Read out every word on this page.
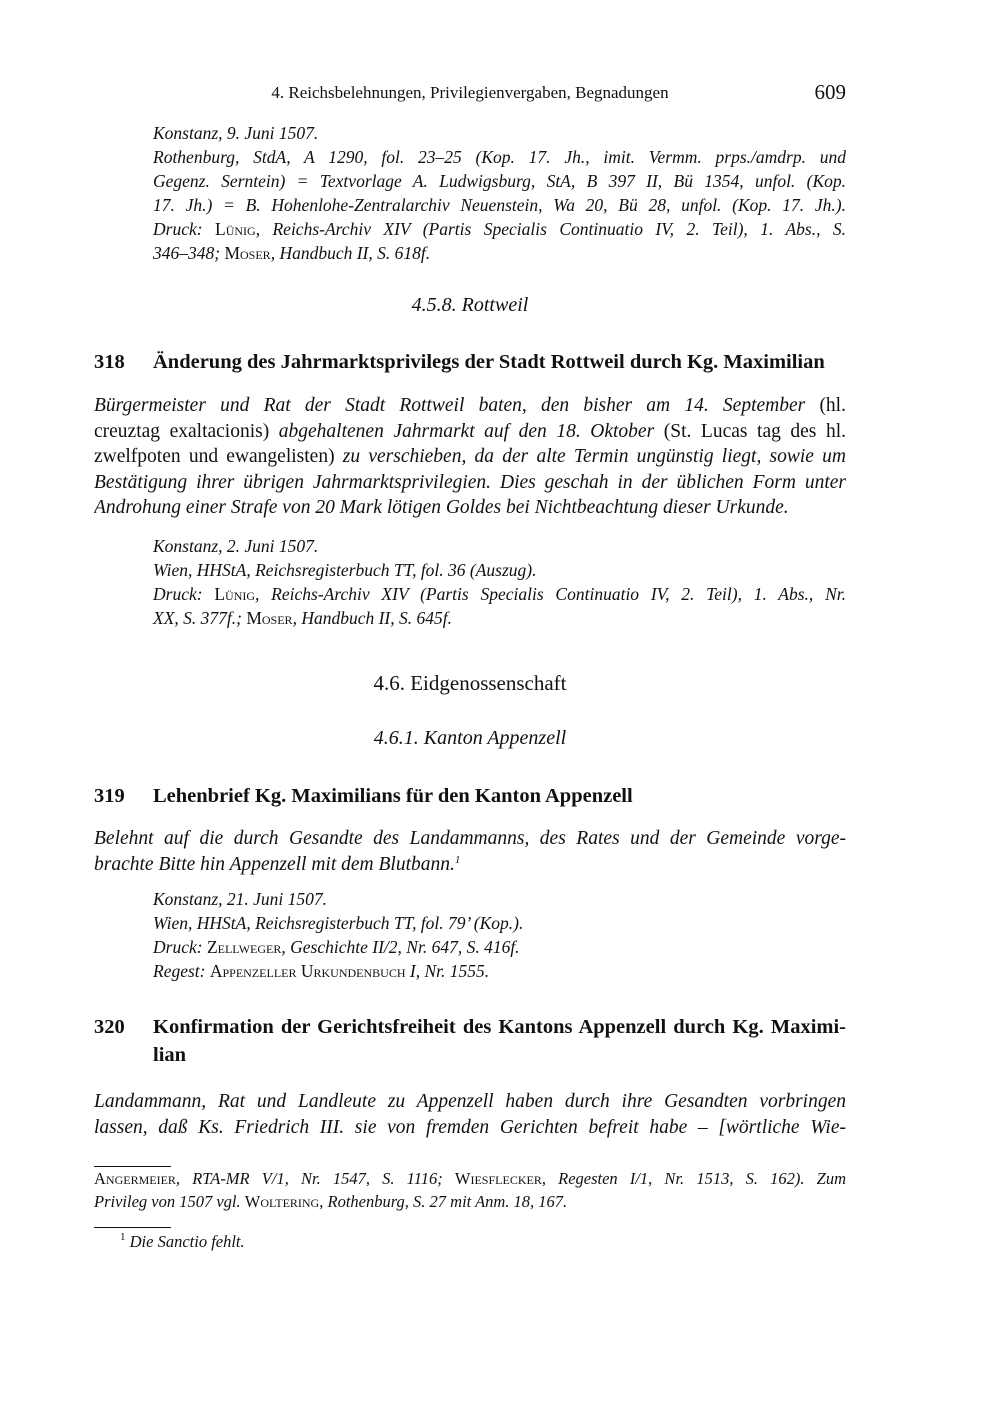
4. Reichsbelehnungen, Privilegienvergaben, Begnadungen	609
Konstanz, 9. Juni 1507.
Rothenburg, StdA, A 1290, fol. 23–25 (Kop. 17. Jh., imit. Vermm. prps./amdrp. und
Gegenz. Serntein) = Textvorlage A. Ludwigsburg, StA, B 397 II, Bü 1354, unfol. (Kop.
17. Jh.) = B. Hohenlohe-Zentralarchiv Neuenstein, Wa 20, Bü 28, unfol. (Kop. 17. Jh.).
Druck: Lünig, Reichs-Archiv XIV (Partis Specialis Continuatio IV, 2. Teil), 1. Abs., S.
346–348; Moser, Handbuch II, S. 618f.
4.5.8. Rottweil
318 Änderung des Jahrmarktsprivilegs der Stadt Rottweil durch Kg. Maximilian
Bürgermeister und Rat der Stadt Rottweil baten, den bisher am 14. September (hl.
creuztag exaltacionis) abgehaltenen Jahrmarkt auf den 18. Oktober (St. Lucas tag des hl.
zwelfpoten und ewangelisten) zu verschieben, da der alte Termin ungünstig liegt, sowie um
Bestätigung ihrer übrigen Jahrmarktsprivilegien. Dies geschah in der üblichen Form unter
Androhung einer Strafe von 20 Mark lötigen Goldes bei Nichtbeachtung dieser Urkunde.
Konstanz, 2. Juni 1507.
Wien, HHStA, Reichsregisterbuch TT, fol. 36 (Auszug).
Druck: Lünig, Reichs-Archiv XIV (Partis Specialis Continuatio IV, 2. Teil), 1. Abs., Nr.
XX, S. 377f.; Moser, Handbuch II, S. 645f.
4.6. Eidgenossenschaft
4.6.1. Kanton Appenzell
319 Lehenbrief Kg. Maximilians für den Kanton Appenzell
Belehnt auf die durch Gesandte des Landammanns, des Rates und der Gemeinde vorge-
brachte Bitte hin Appenzell mit dem Blutbann.$^1$
Konstanz, 21. Juni 1507.
Wien, HHStA, Reichsregisterbuch TT, fol. 79’ (Kop.).
Druck: Zellweger, Geschichte II/2, Nr. 647, S. 416f.
Regest: Appenzeller Urkundenbuch I, Nr. 1555.
320 Konfirmation der Gerichtsfreiheit des Kantons Appenzell durch Kg. Maximi-
lian
Landammann, Rat und Landleute zu Appenzell haben durch ihre Gesandten vorbringen
lassen, daß Ks. Friedrich III. sie von fremden Gerichten befreit habe – [wörtliche Wie-
Angermeier, RTA-MR V/1, Nr. 1547, S. 1116; Wiesflecker, Regesten I/1, Nr. 1513, S. 162). Zum
Privileg von 1507 vgl. Woltering, Rothenburg, S. 27 mit Anm. 18, 167.
$^1$ Die Sanctio fehlt.
